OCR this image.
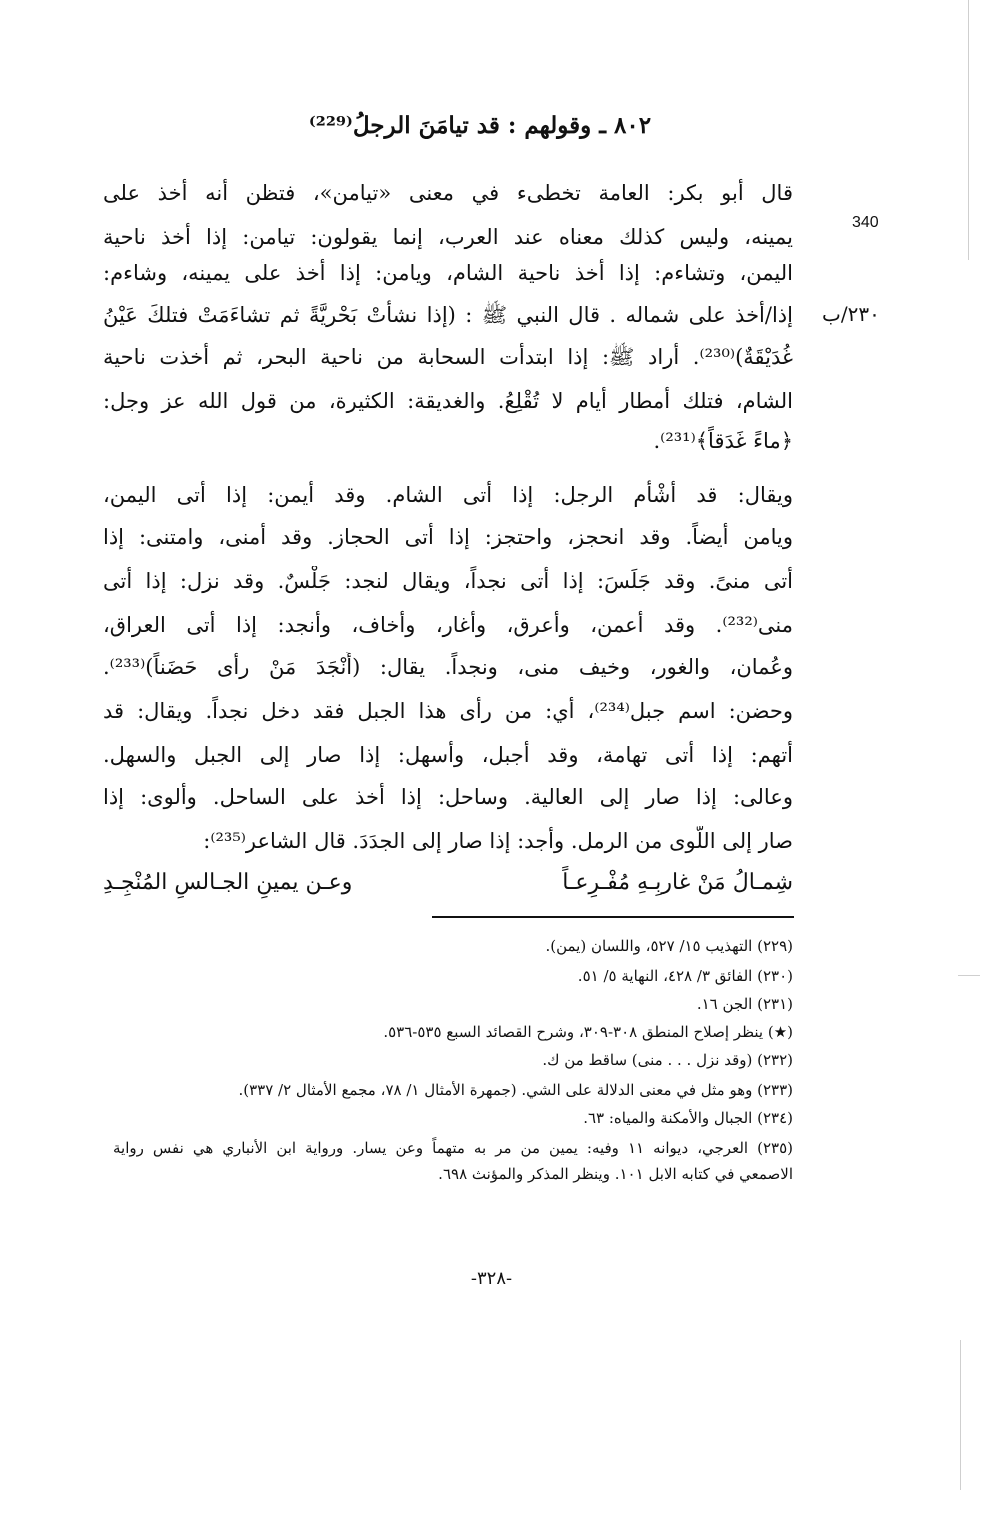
٨٠٢ ـ وقولهم : قد تيامَنَ الرجلُ⁽²²⁹⁾
340
٢٣٠/ب
قال أبو بكر: العامة تخطىء في معنى «تيامن»، فتظن أنه أخذ على
يمينه، وليس كذلك معناه عند العرب، إنما يقولون: تيامن: إذا أخذ ناحية
اليمن، وتشاءم: إذا أخذ ناحية الشام، ويامن: إذا أخذ على يمينه، وشاءم:
إذا/أخذ على شماله . قال النبي ﷺ : (إذا نشأتْ بَحْريَّةً ثم تشاءَمَتْ فتلكَ عَيْنُ
غُدَيْقَةٌ)⁽²³⁰⁾. أراد ﷺ: إذا ابتدأت السحابة من ناحية البحر، ثم أخذت ناحية
الشام، فتلك أمطار أيام لا تُقْلِعُ. والغديقة: الكثيرة، من قول الله عز وجل:
﴿ماءً غَدَقاً﴾⁽²³¹⁾.
ويقال: قد أشْأم الرجل: إذا أتى الشام. وقد أيمن: إذا أتى اليمن،
ويامن أيضاً. وقد انحجز، واحتجز: إذا أتى الحجاز. وقد أمنى، وامتنى: إذا
أتى منىً. وقد جَلَسَ: إذا أتى نجداً، ويقال لنجد: جَلْسٌ. وقد نزل: إذا أتى
منى⁽²³²⁾. وقد أعمن، وأعرق، وأغار، وأخاف، وأنجد: إذا أتى العراق،
وعُمان، والغور، وخيف منى، ونجداً. يقال: (أَنْجَدَ مَنْ رأى حَضَناً)⁽²³³⁾.
وحضن: اسم جبل⁽²³⁴⁾، أي: من رأى هذا الجبل فقد دخل نجداً. ويقال: قد
أتهم: إذا أتى تهامة، وقد أجبل، وأسهل: إذا صار إلى الجبل والسهل.
وعالى: إذا صار إلى العالية. وساحل: إذا أخذ على الساحل. وألوى: إذا
صار إلى اللّوى من الرمل. وأجد: إذا صار إلى الجدَدَ. قال الشاعر⁽²³⁵⁾:
شِمـالُ مَنْ غاربِـهِ مُفْـرِعـاً
وعـن يمينِ الجـالسِ المُنْجِـدِ
(٢٢٩) التهذيب ١٥/ ٥٢٧، واللسان (يمن).
(٢٣٠) الفائق ٣/ ٤٢٨، النهاية ٥/ ٥١.
(٢٣١) الجن ١٦.
(★) ينظر إصلاح المنطق ٣٠٨-٣٠٩، وشرح القصائد السبع ٥٣٥-٥٣٦.
(٢٣٢) (وقد نزل . . . منى) ساقط من ك.
(٢٣٣) وهو مثل في معنى الدلالة على الشي. (جمهرة الأمثال ١/ ٧٨، مجمع الأمثال ٢/ ٣٣٧).
(٢٣٤) الجبال والأمكنة والمياه: ٦٣.
(٢٣٥) العرجي، ديوانه ١١ وفيه: يمين من مر به متهماً وعن يسار. ورواية ابن الأنباري هي نفس رواية
الاصمعي في كتابه الابل ١٠١. وينظر المذكر والمؤنث ٦٩٨.
-٣٢٨-
